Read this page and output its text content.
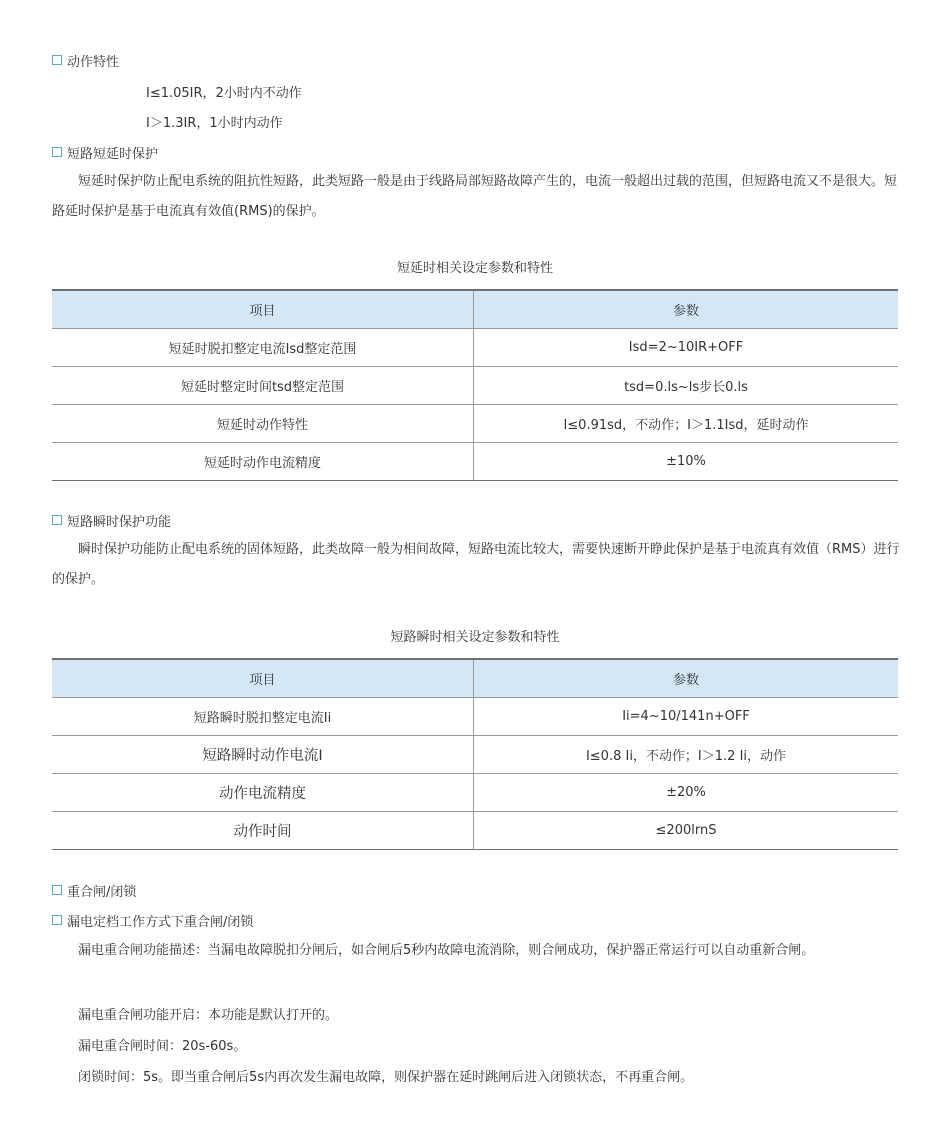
动作特性
I≤1.05IR，2小时内不动作
I＞1.3IR，1小时内动作
短路短延时保护
短延时保护防止配电系统的阻抗性短路，此类短路一般是由于线路局部短路故障产生的，电流一般超出过载的范围，但短路电流又不是很大。短路延时保护是基于电流真有效值(RMS)的保护。
短延时相关设定参数和特性
项目	参数
短延时脱扣整定电流Isd整定范围	Isd=2~10IR+OFF
短延时整定时间tsd整定范围	tsd=0.ls~ls步长0.ls
短延时动作特性	I≤0.91sd，不动作；I＞1.1Isd，延时动作
短延时动作电流精度	±10%
短路瞬时保护功能
瞬时保护功能防止配电系统的固体短路，此类故障一般为相间故障，短路电流比较大，需要快速断开睁此保护是基于电流真有效值（RMS）进行的保护。
短路瞬时相关设定参数和特性
项目	参数
短路瞬时脱扣整定电流Ii	Ii=4~10/141n+OFF
短路瞬时动作电流I	I≤0.8 Ii，不动作；I＞1.2 Ii，动作
动作电流精度	±20%
动作时间	≤200lrnS
重合闸/闭锁
漏电定档工作方式下重合闸/闭锁
漏电重合闸功能描述：当漏电故障脱扣分闸后，如合闸后5秒内故障电流消除，则合闸成功，保护器正常运行可以自动重新合闸。
漏电重合闸功能开启：本功能是默认打开的。
漏电重合闸时间：20s-60s。
闭锁时间：5s。即当重合闸后5s内再次发生漏电故障，则保护器在延时跳闸后进入闭锁状态，不再重合闸。
